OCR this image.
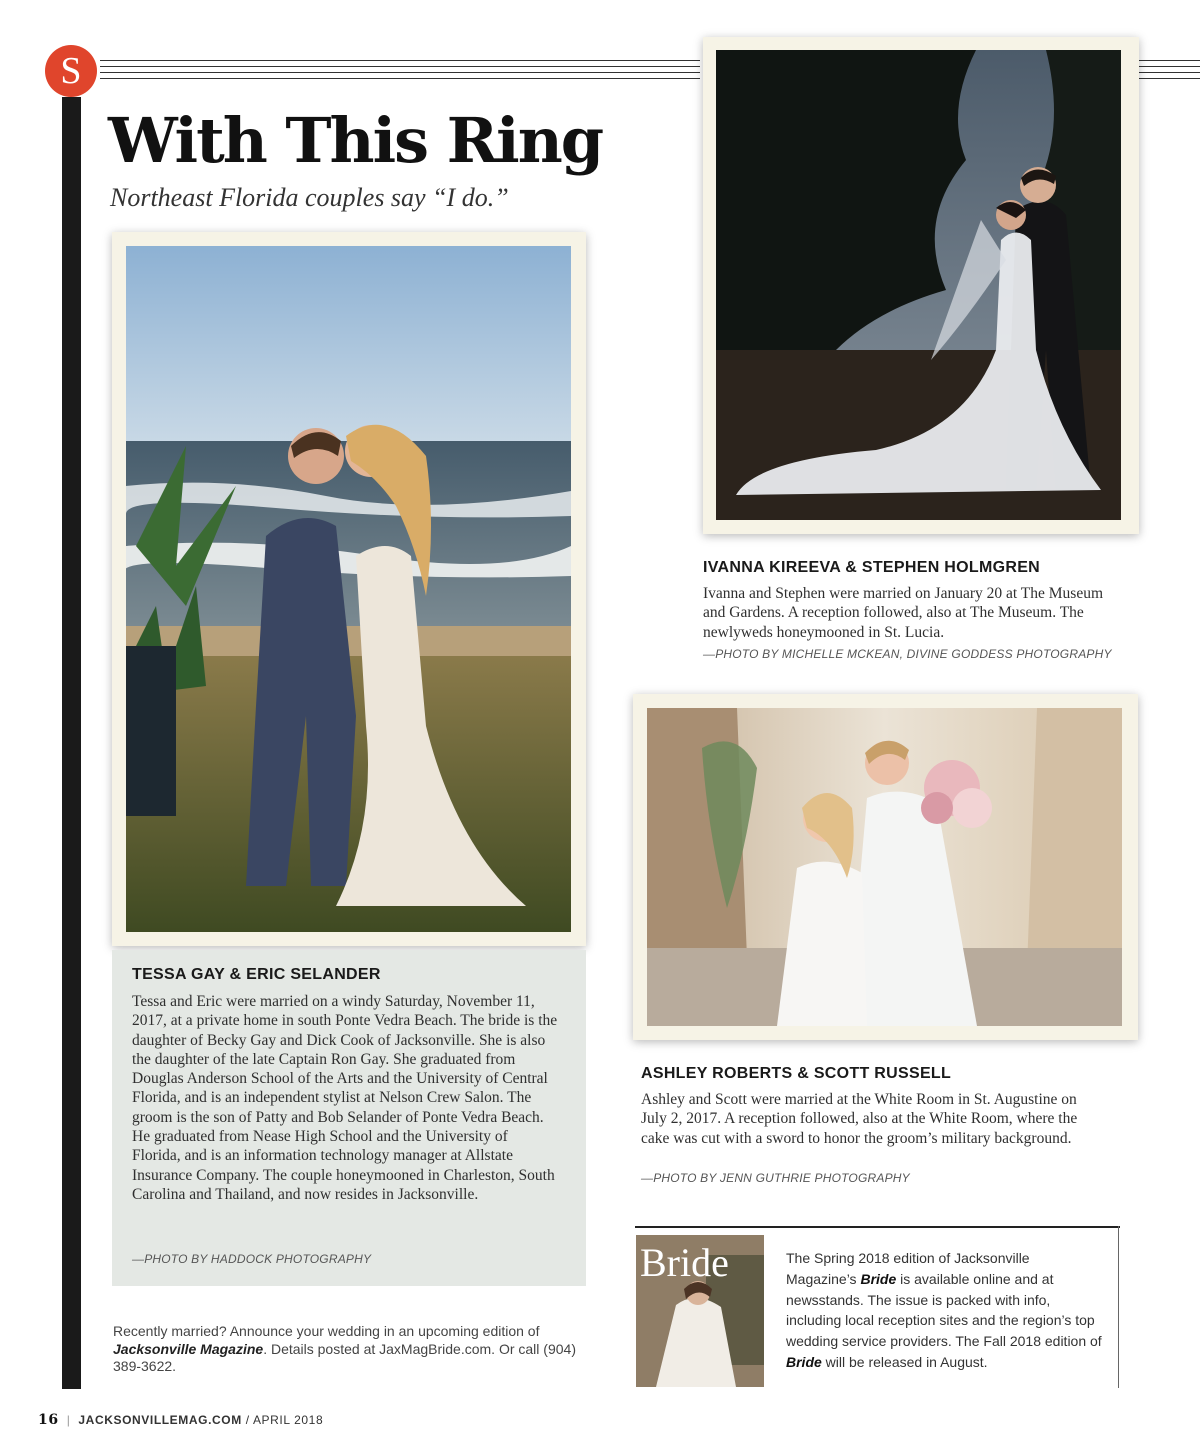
S
With This Ring
Northeast Florida couples say “I do.”
TESSA GAY & ERIC SELANDER
Tessa and Eric were married on a windy Saturday, November 11, 2017, at a private home in south Ponte Vedra Beach. The bride is the daughter of Becky Gay and Dick Cook of Jacksonville. She is also the daughter of the late Captain Ron Gay. She graduated from Douglas Anderson School of the Arts and the University of Central Florida, and is an independent stylist at Nelson Crew Salon. The groom is the son of Patty and Bob Selander of Ponte Vedra Beach. He graduated from Nease High School and the University of Florida, and is an information technology manager at Allstate Insurance Company. The couple honeymooned in Charleston, South Carolina and Thailand, and now resides in Jacksonville.
—PHOTO BY HADDOCK PHOTOGRAPHY
IVANNA KIREEVA & STEPHEN HOLMGREN
Ivanna and Stephen were married on January 20 at The Museum and Gardens. A reception followed, also at The Museum. The newlyweds honeymooned in St. Lucia.
—PHOTO BY MICHELLE MCKEAN, DIVINE GODDESS PHOTOGRAPHY
ASHLEY ROBERTS & SCOTT RUSSELL
Ashley and Scott were married at the White Room in St. Augustine on July 2, 2017. A reception followed, also at the White Room, where the cake was cut with a sword to honor the groom’s military background.
—PHOTO BY JENN GUTHRIE PHOTOGRAPHY
Recently married? Announce your wedding in an upcoming edition of Jacksonville Magazine. Details posted at JaxMagBride.com. Or call (904) 389-3622.
Bride	The Spring 2018 edition of Jacksonville Magazine’s Bride is available online and at newsstands. The issue is packed with info, including local reception sites and the region’s top wedding service providers. The Fall 2018 edition of Bride will be released in August.
16 | JACKSONVILLEMAG.COM / APRIL 2018
